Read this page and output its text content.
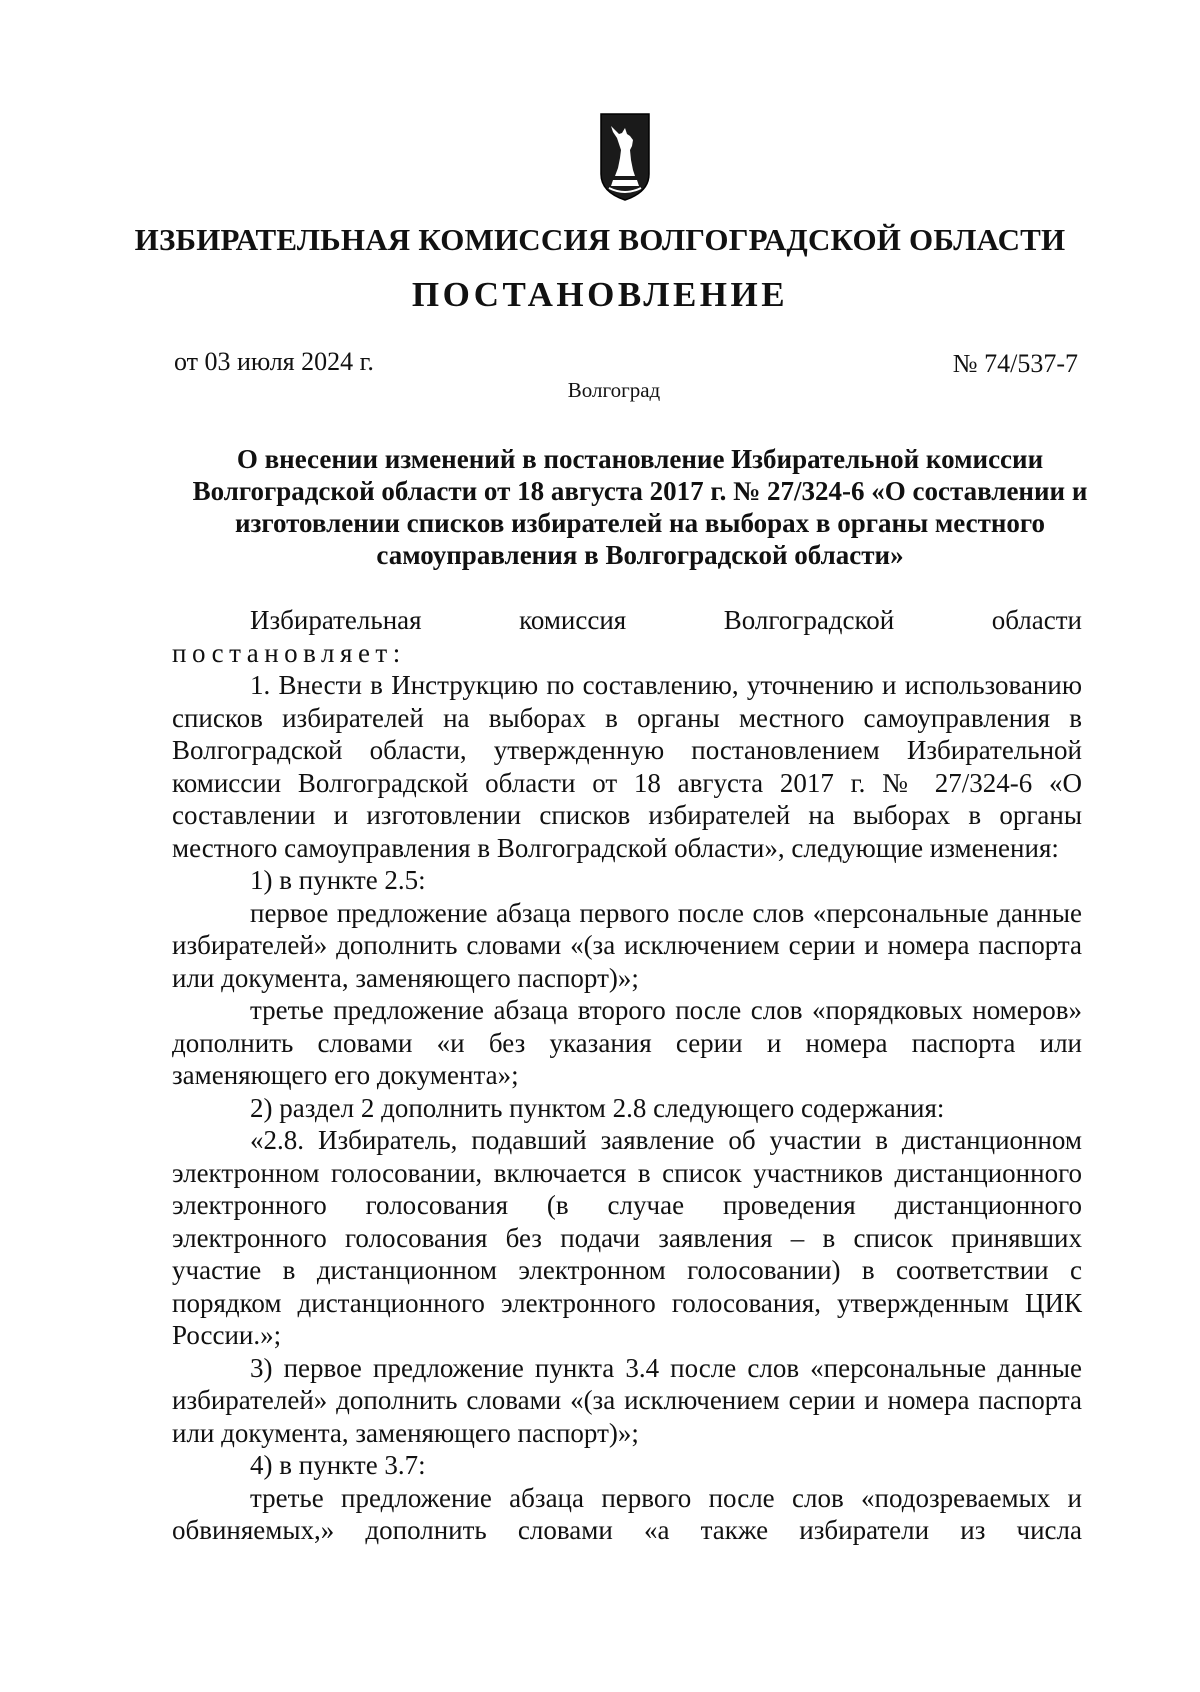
ИЗБИРАТЕЛЬНАЯ КОМИССИЯ ВОЛГОГРАДСКОЙ ОБЛАСТИ
ПОСТАНОВЛЕНИЕ
от 03 июля 2024 г.	№ 74/537-7
Волгоград
О внесении изменений в постановление Избирательной комиссии Волгоградской области от 18 августа 2017 г. № 27/324-6 «О составлении и изготовлении списков избирателей на выборах в органы местного самоуправления в Волгоградской области»

Избирательная комиссия Волгоградской области

постановляет:

1. Внести в Инструкцию по составлению, уточнению и использованию списков избирателей на выборах в органы местного самоуправления в Волгоградской области, утвержденную постановлением Избирательной комиссии Волгоградской области от 18 августа 2017 г. № 27/324-6 «О составлении и изготовлении списков избирателей на выборах в органы местного самоуправления в Волгоградской области», следующие изменения:

1) в пункте 2.5:

первое предложение абзаца первого после слов «персональные данные избирателей» дополнить словами «(за исключением серии и номера паспорта или документа, заменяющего паспорт)»;

третье предложение абзаца второго после слов «порядковых номеров» дополнить словами «и без указания серии и номера паспорта или заменяющего его документа»;

2) раздел 2 дополнить пунктом 2.8 следующего содержания:

«2.8. Избиратель, подавший заявление об участии в дистанционном электронном голосовании, включается в список участников дистанционного электронного голосования (в случае проведения дистанционного электронного голосования без подачи заявления – в список принявших участие в дистанционном электронном голосовании) в соответствии с порядком дистанционного электронного голосования, утвержденным ЦИК России.»;

3) первое предложение пункта 3.4 после слов «персональные данные избирателей» дополнить словами «(за исключением серии и номера паспорта или документа, заменяющего паспорт)»;

4) в пункте 3.7:

третье предложение абзаца первого после слов «подозреваемых и обвиняемых,» дополнить словами «а также избиратели из числа
